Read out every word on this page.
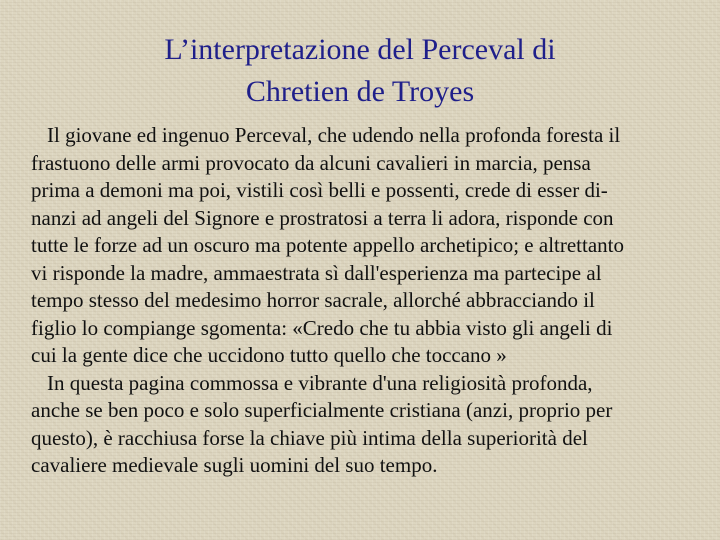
L’interpretazione del Perceval di
Chretien de Troyes

Il giovane ed ingenuo Perceval, che udendo nella profonda foresta il
frastuono delle armi provocato da alcuni cavalieri in marcia, pensa
prima a demoni ma poi, vistili così belli e possenti, crede di esser di-
nanzi ad angeli del Signore e prostratosi a terra li adora, risponde con
tutte le forze ad un oscuro ma potente appello archetipico; e altrettanto
vi risponde la madre, ammaestrata sì dall'esperienza ma partecipe al
tempo stesso del medesimo horror sacrale, allorché abbracciando il
figlio lo compiange sgomenta: «Credo che tu abbia visto gli angeli di
cui la gente dice che uccidono tutto quello che toccano »

In questa pagina commossa e vibrante d'una religiosità profonda,
anche se ben poco e solo superficialmente cristiana (anzi, proprio per
questo), è racchiusa forse la chiave più intima della superiorità del
cavaliere medievale sugli uomini del suo tempo.
